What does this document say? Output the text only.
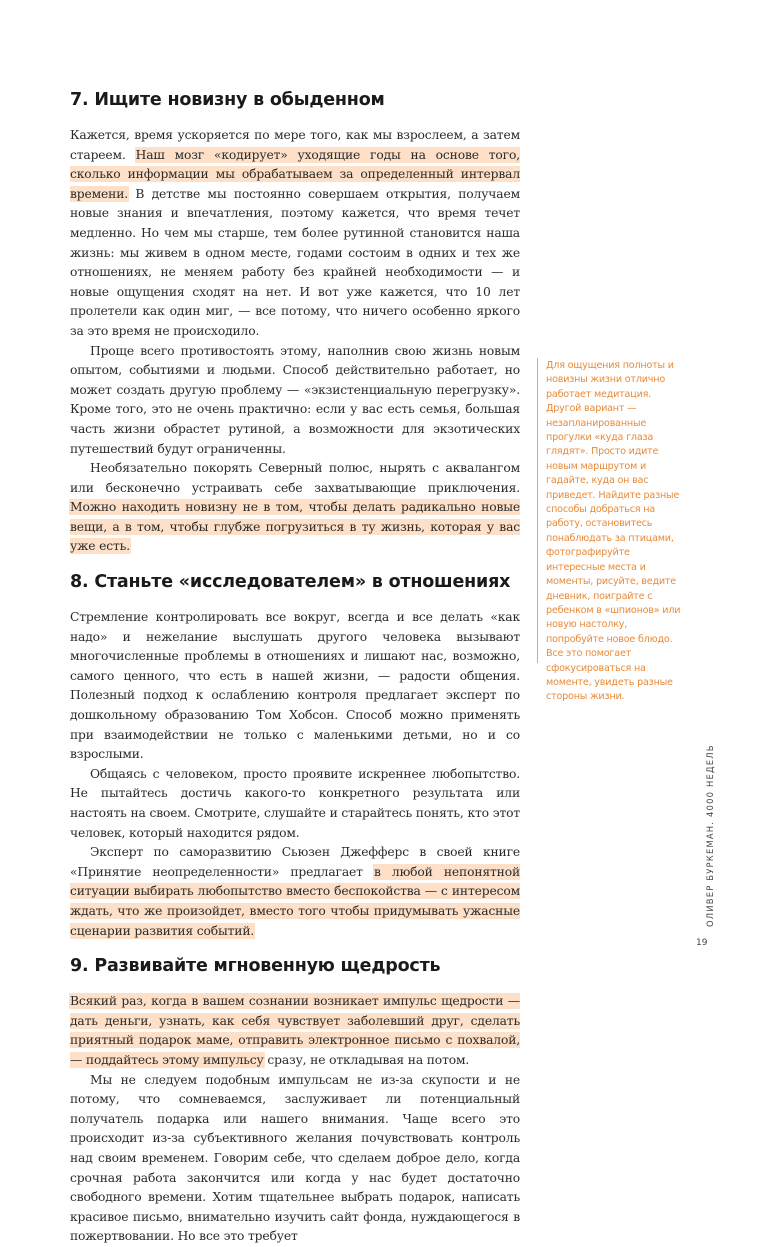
7. Ищите новизну в обыденном

Кажется, время ускоряется по мере того, как мы взрослеем, а затем стареем. Наш мозг «кодирует» уходящие годы на основе того, сколько информации мы обрабатываем за определенный интервал времени. В детстве мы постоянно совершаем открытия, получаем новые знания и впечатления, поэтому кажется, что время течет медленно. Но чем мы старше, тем более рутинной становится наша жизнь: мы живем в одном месте, годами состоим в одних и тех же отношениях, не меняем работу без крайней необходимости — и новые ощущения сходят на нет. И вот уже кажется, что 10 лет пролетели как один миг, — все потому, что ничего особенно яркого за это время не происходило.

Проще всего противостоять этому, наполнив свою жизнь новым опытом, событиями и людьми. Способ действительно работает, но может создать другую проблему — «экзистенциальную перегрузку». Кроме того, это не очень практично: если у вас есть семья, большая часть жизни обрастет рутиной, а возможности для экзотических путешествий будут ограниченны.

Необязательно покорять Северный полюс, нырять с аквалангом или бесконечно устраивать себе захватывающие приключения. Можно находить новизну не в том, чтобы делать радикально новые вещи, а в том, чтобы глубже погрузиться в ту жизнь, которая у вас уже есть.

8. Станьте «исследователем» в отношениях

Стремление контролировать все вокруг, всегда и все делать «как надо» и нежелание выслушать другого человека вызывают многочисленные проблемы в отношениях и лишают нас, возможно, самого ценного, что есть в нашей жизни, — радости общения. Полезный подход к ослаблению контроля предлагает эксперт по дошкольному образованию Том Хобсон. Способ можно применять при взаимодействии не только с маленькими детьми, но и со взрослыми.

Общаясь с человеком, просто проявите искреннее любопытство. Не пытайтесь достичь какого-то конкретного результата или настоять на своем. Смотрите, слушайте и старайтесь понять, кто этот человек, который находится рядом.

Эксперт по саморазвитию Сьюзен Джефферс в своей книге «Принятие неопределенности» предлагает в любой непонятной ситуации выбирать любопытство вместо беспокойства — с интересом ждать, что же произойдет, вместо того чтобы придумывать ужасные сценарии развития событий.

9. Развивайте мгновенную щедрость

Всякий раз, когда в вашем сознании возникает импульс щедрости — дать деньги, узнать, как себя чувствует заболевший друг, сделать приятный подарок маме, отправить электронное письмо с похвалой, — поддайтесь этому импульсу сразу, не откладывая на потом.

Мы не следуем подобным импульсам не из-за скупости и не потому, что сомневаемся, заслуживает ли потенциальный получатель подарка или нашего внимания. Чаще всего это происходит из-за субъективного желания почувствовать контроль над своим временем. Говорим себе, что сделаем доброе дело, когда срочная работа закончится или когда у нас будет достаточно свободного времени. Хотим тщательнее выбрать подарок, написать красивое письмо, внимательно изучить сайт фонда, нуждающегося в пожертвовании. Но все это требует

Для ощущения полноты и новизны жизни отлично работает медитация. Другой вариант — незапланированные прогулки «куда глаза глядят». Просто идите новым маршрутом и гадайте, куда он вас приведет. Найдите разные способы добраться на работу, остановитесь понаблюдать за птицами, фотографируйте интересные места и моменты, рисуйте, ведите дневник, поиграйте с ребенком в «шпионов» или новую настолку, попробуйте новое блюдо. Все это помогает сфокусироваться на моменте, увидеть разные стороны жизни.

ОЛИВЕР БУРКЕМАН. 4000 НЕДЕЛЬ
19
